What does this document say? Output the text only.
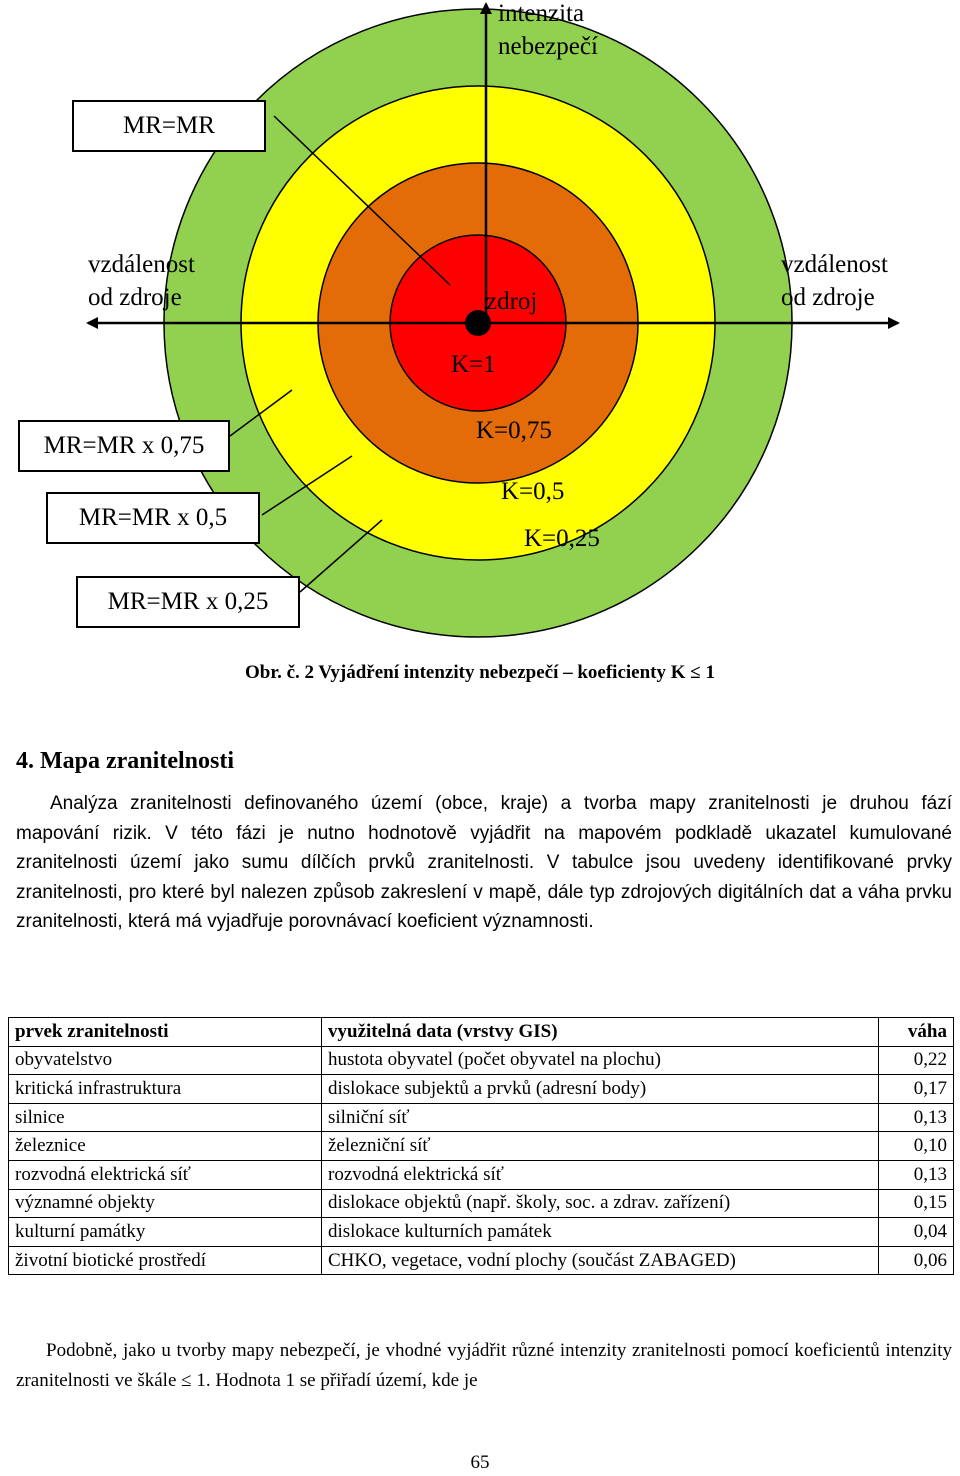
intenzita
nebezpečí
vzdálenost
od zdroje
vzdálenost
od zdroje
zdroj
MR=MR
MR=MR x 0,75
MR=MR x 0,5
MR=MR x 0,25
K=1
K=0,75
K=0,5
K=0,25
Obr. č. 2 Vyjádření intenzity nebezpečí – koeficienty K ≤ 1
4. Mapa zranitelnosti
Analýza zranitelnosti definovaného území (obce, kraje) a tvorba mapy zranitelnosti je druhou fází mapování rizik. V této fázi je nutno hodnotově vyjádřit na mapovém podkladě ukazatel kumulované zranitelnosti území jako sumu dílčích prvků zranitelnosti. V tabulce jsou uvedeny identifikované prvky zranitelnosti, pro které byl nalezen způsob zakreslení v mapě, dále typ zdrojových digitálních dat a váha prvku zranitelnosti, která má vyjadřuje porovnávací koeficient významnosti.
prvek zranitelnosti	využitelná data (vrstvy GIS)	váha
obyvatelstvo	hustota obyvatel (počet obyvatel na plochu)	0,22
kritická infrastruktura	dislokace subjektů a prvků (adresní body)	0,17
silnice	silniční síť	0,13
železnice	železniční síť	0,10
rozvodná elektrická síť	rozvodná elektrická síť	0,13
významné objekty	dislokace objektů (např. školy, soc. a zdrav. zařízení)	0,15
kulturní památky	dislokace kulturních památek	0,04
životní biotické prostředí	CHKO, vegetace, vodní plochy (součást ZABAGED)	0,06
Podobně, jako u tvorby mapy nebezpečí, je vhodné vyjádřit různé intenzity zranitelnosti pomocí koeficientů intenzity zranitelnosti ve škále ≤ 1. Hodnota 1 se přiřadí území, kde je
65
